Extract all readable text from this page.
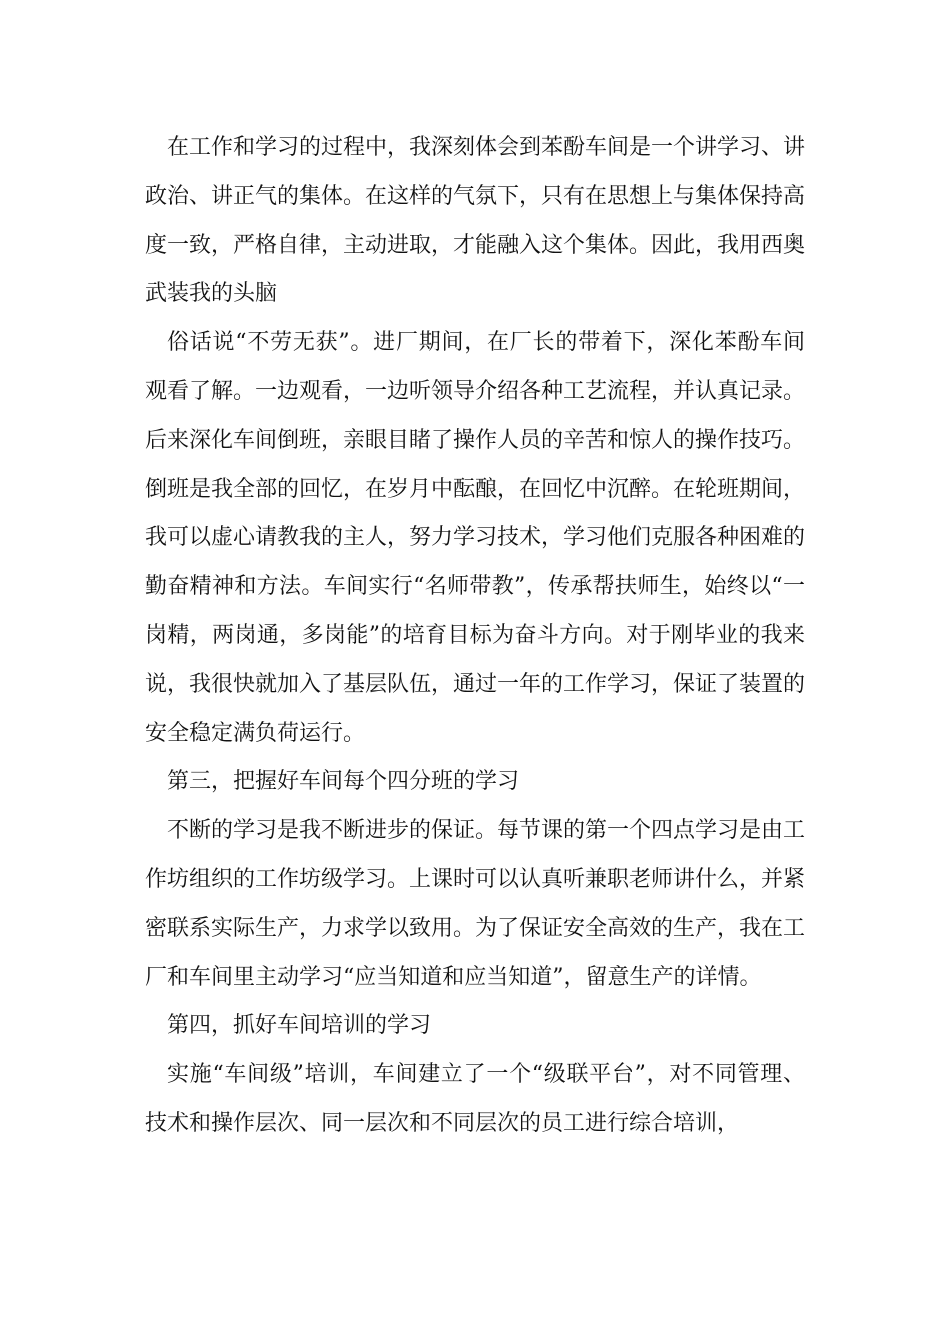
在工作和学习的过程中，我深刻体会到苯酚车间是一个讲学习、讲政治、讲正气的集体。在这样的气氛下，只有在思想上与集体保持高度一致，严格自律，主动进取，才能融入这个集体。因此，我用西奥武装我的头脑

俗话说“不劳无获”。进厂期间，在厂长的带着下，深化苯酚车间观看了解。一边观看，一边听领导介绍各种工艺流程，并认真记录。后来深化车间倒班，亲眼目睹了操作人员的辛苦和惊人的操作技巧。倒班是我全部的回忆，在岁月中酝酿，在回忆中沉醉。在轮班期间，我可以虚心请教我的主人，努力学习技术，学习他们克服各种困难的勤奋精神和方法。车间实行“名师带教”，传承帮扶师生，始终以“一岗精，两岗通，多岗能”的培育目标为奋斗方向。对于刚毕业的我来说，我很快就加入了基层队伍，通过一年的工作学习，保证了装置的安全稳定满负荷运行。

第三，把握好车间每个四分班的学习

不断的学习是我不断进步的保证。每节课的第一个四点学习是由工作坊组织的工作坊级学习。上课时可以认真听兼职老师讲什么，并紧密联系实际生产，力求学以致用。为了保证安全高效的生产，我在工厂和车间里主动学习“应当知道和应当知道”，留意生产的详情。

第四，抓好车间培训的学习

实施“车间级”培训，车间建立了一个“级联平台”，对不同管理、技术和操作层次、同一层次和不同层次的员工进行综合培训，
